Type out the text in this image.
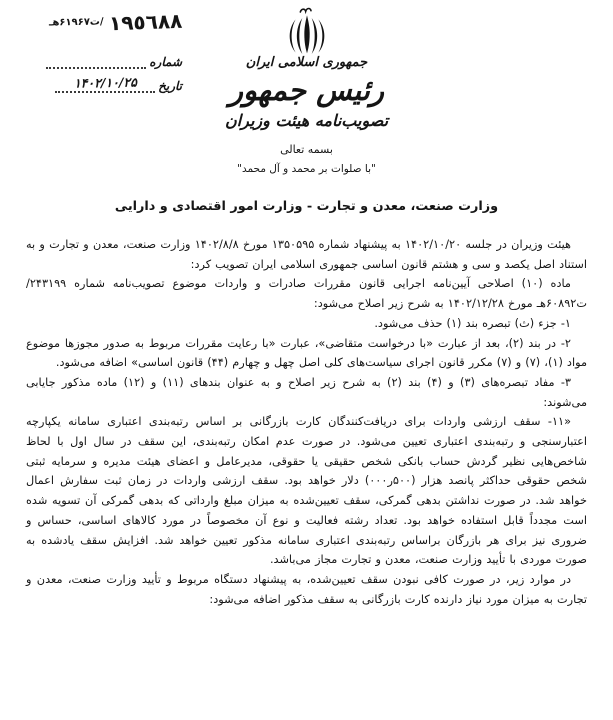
١٩٥٦٨٨
/ت۶۱۹۶۷هـ
شماره
تاریخ
۱۴۰۲/۱۰/۲۵
جمهوری اسلامی ایران
رئیس جمهور
تصویب‌نامه هیئت وزیران
بسمه تعالی
"با صلوات بر محمد و آل محمد"
وزارت صنعت، معدن و تجارت - وزارت امور اقتصادی و دارایی

هیئت وزیران در جلسه ۱۴۰۲/۱۰/۲۰ به پیشنهاد شماره ۱۳۵۰۵۹۵ مورخ ۱۴۰۲/۸/۸ وزارت صنعت، معدن و تجارت و به استناد اصل یکصد و سی و هشتم قانون اساسی جمهوری اسلامی ایران تصویب کرد:

ماده (۱۰) اصلاحی آیین‌نامه اجرایی قانون مقررات صادرات و واردات موضوع تصویب‌نامه شماره ۲۴۳۱۹۹/ت۶۰۸۹۲هـ مورخ ۱۴۰۲/۱۲/۲۸ به شرح زیر اصلاح می‌شود:

۱- جزء (ث) تبصره بند (۱) حذف می‌شود.

۲- در بند (۲)، بعد از عبارت «با درخواست متقاضی»، عبارت «با رعایت مقررات مربوط به صدور مجوزها موضوع مواد (۱)، (۷) و (۷) مکرر قانون اجرای سیاست‌های کلی اصل چهل و چهارم (۴۴) قانون اساسی» اضافه می‌شود.

۳- مفاد تبصره‌های (۳) و (۴) بند (۲) به شرح زیر اصلاح و به عنوان بندهای (۱۱) و (۱۲) ماده مذکور جایابی می‌شوند:

«۱۱- سقف ارزشی واردات برای دریافت‌کنندگان کارت بازرگانی بر اساس رتبه‌بندی اعتباری سامانه یکپارچه اعتبارسنجی و رتبه‌بندی اعتباری تعیین می‌شود. در صورت عدم امکان رتبه‌بندی، این سقف در سال اول با لحاظ شاخص‌هایی نظیر گردش حساب بانکی شخص حقیقی یا حقوقی، مدیرعامل و اعضای هیئت مدیره و سرمایه ثبتی شخص حقوقی حداکثر پانصد هزار (۵۰۰ر۰۰۰) دلار خواهد بود. سقف ارزشی واردات در زمان ثبت سفارش اعمال خواهد شد. در صورت نداشتن بدهی گمرکی، سقف تعیین‌شده به میزان مبلغ وارداتی که بدهی گمرکی آن تسویه شده است مجدداً قابل استفاده خواهد بود. تعداد رشته فعالیت و نوع آن مخصوصاً در مورد کالاهای اساسی، حساس و ضروری نیز برای هر بازرگان براساس رتبه‌بندی اعتباری سامانه مذکور تعیین خواهد شد. افزایش سقف یادشده به صورت موردی با تأیید وزارت صنعت، معدن و تجارت مجاز می‌باشد.

در موارد زیر، در صورت کافی نبودن سقف تعیین‌شده، به پیشنهاد دستگاه مربوط و تأیید وزارت صنعت، معدن و تجارت به میزان مورد نیاز دارنده کارت بازرگانی به سقف مذکور اضافه می‌شود:
